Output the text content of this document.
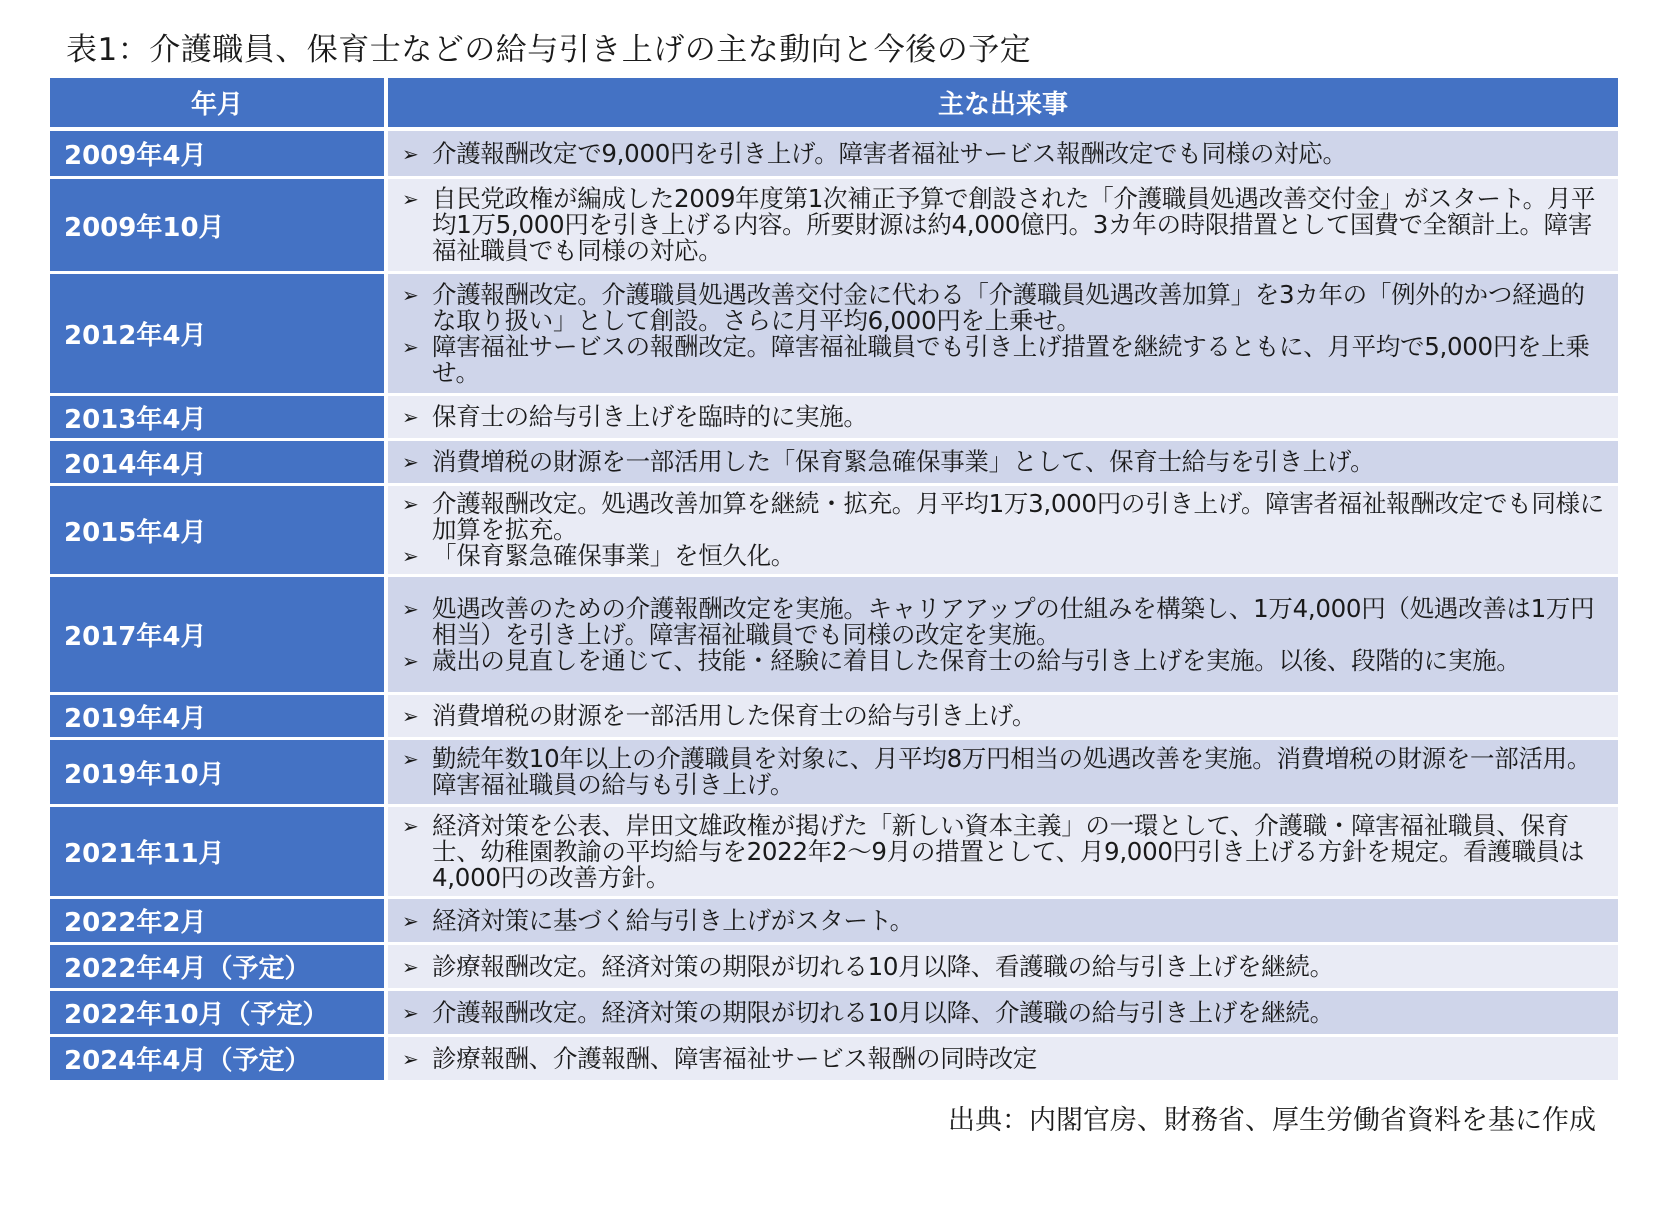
表1：介護職員、保育士などの給与引き上げの主な動向と今後の予定
年月	主な出来事
2009年4月	➢ 介護報酬改定で9,000円を引き上げ。障害者福祉サービス報酬改定でも同様の対応。

2009年10月	➢ 自民党政権が編成した2009年度第1次補正予算で創設された「介護職員処遇改善交付金」がスタート。月平均1万5,000円を引き上げる内容。所要財源は約4,000億円。3カ年の時限措置として国費で全額計上。障害福祉職員でも同様の対応。

2012年4月	➢ 介護報酬改定。介護職員処遇改善交付金に代わる「介護職員処遇改善加算」を3カ年の「例外的かつ経過的な取り扱い」として創設。さらに月平均6,000円を上乗せ。
➢ 障害福祉サービスの報酬改定。障害福祉職員でも引き上げ措置を継続するともに、月平均で5,000円を上乗せ。

2013年4月	➢ 保育士の給与引き上げを臨時的に実施。

2014年4月	➢ 消費増税の財源を一部活用した「保育緊急確保事業」として、保育士給与を引き上げ。

2015年4月	➢ 介護報酬改定。処遇改善加算を継続・拡充。月平均1万3,000円の引き上げ。障害者福祉報酬改定でも同様に加算を拡充。
➢ 「保育緊急確保事業」を恒久化。

2017年4月	➢ 処遇改善のための介護報酬改定を実施。キャリアアップの仕組みを構築し、1万4,000円（処遇改善は1万円相当）を引き上げ。障害福祉職員でも同様の改定を実施。
➢ 歳出の見直しを通じて、技能・経験に着目した保育士の給与引き上げを実施。以後、段階的に実施。

2019年4月	➢ 消費増税の財源を一部活用した保育士の給与引き上げ。

2019年10月	➢ 勤続年数10年以上の介護職員を対象に、月平均8万円相当の処遇改善を実施。消費増税の財源を一部活用。障害福祉職員の給与も引き上げ。

2021年11月	➢ 経済対策を公表、岸田文雄政権が掲げた「新しい資本主義」の一環として、介護職・障害福祉職員、保育士、幼稚園教諭の平均給与を2022年2～9月の措置として、月9,000円引き上げる方針を規定。看護職員は4,000円の改善方針。

2022年2月	➢ 経済対策に基づく給与引き上げがスタート。

2022年4月（予定）	➢ 診療報酬改定。経済対策の期限が切れる10月以降、看護職の給与引き上げを継続。

2022年10月（予定）	➢ 介護報酬改定。経済対策の期限が切れる10月以降、介護職の給与引き上げを継続。

2024年4月（予定）	➢ 診療報酬、介護報酬、障害福祉サービス報酬の同時改定
出典：内閣官房、財務省、厚生労働省資料を基に作成
